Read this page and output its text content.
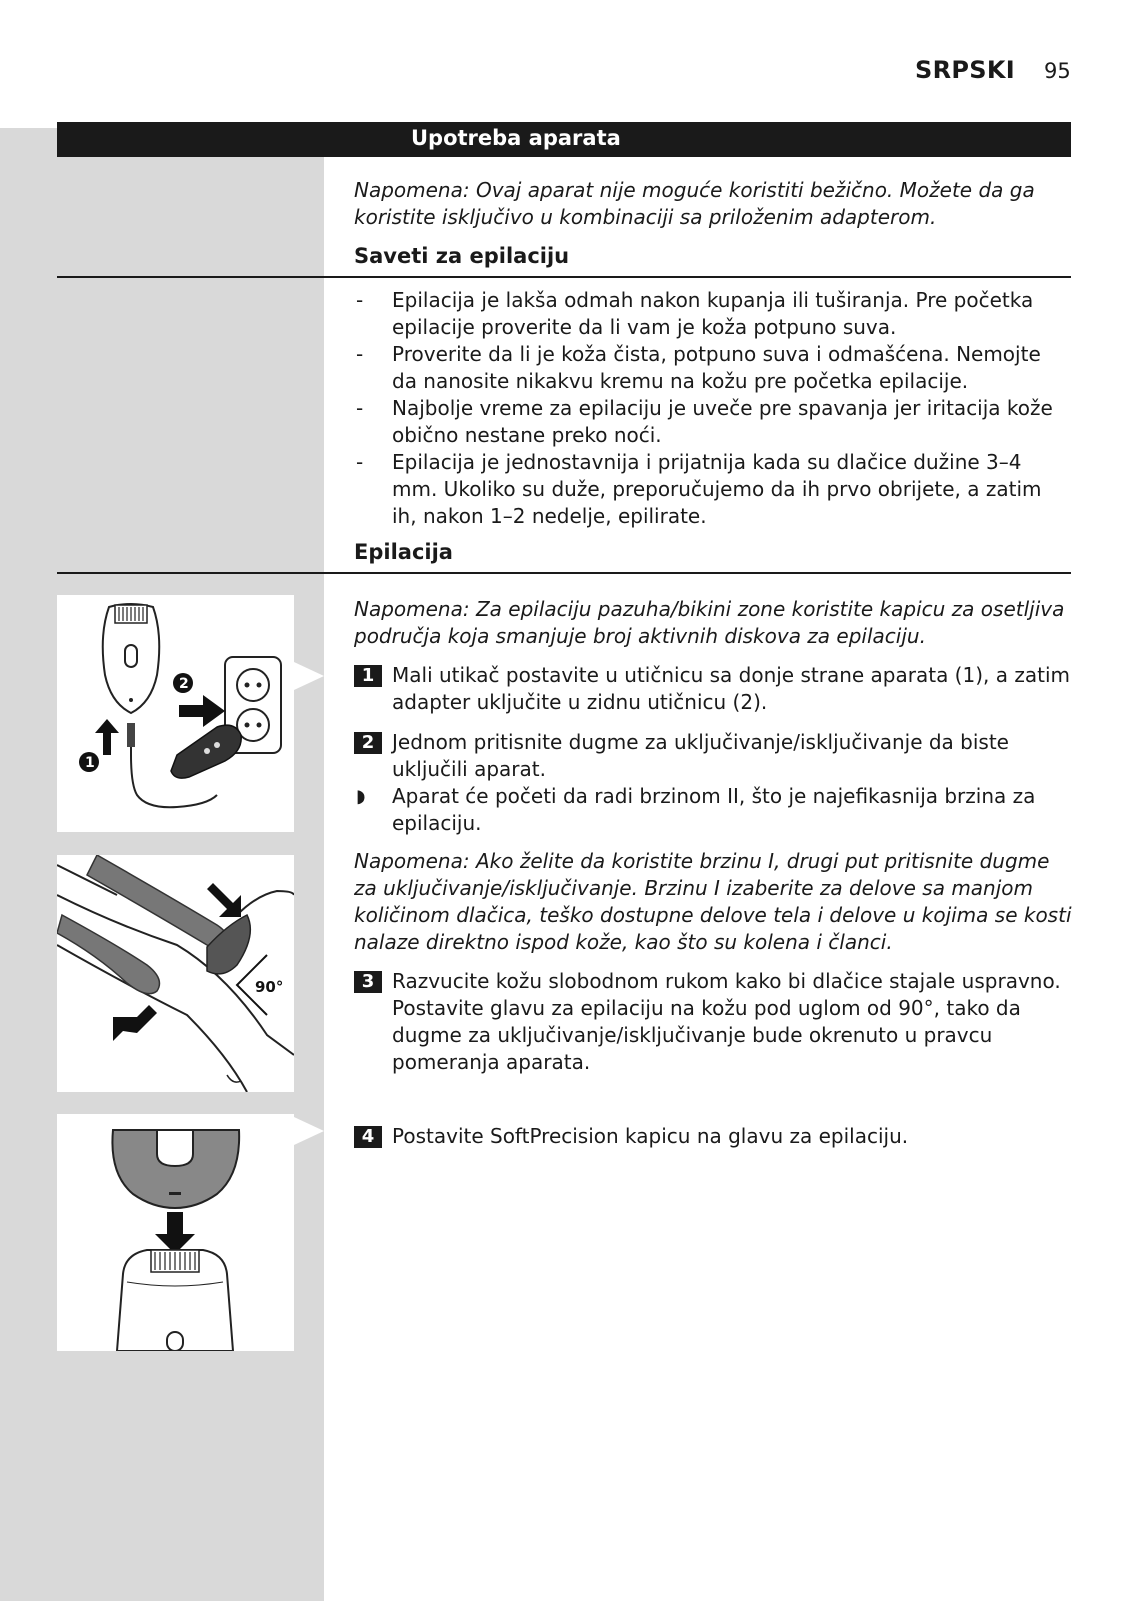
SRPSKI 95
Upotreba aparata
Napomena: Ovaj aparat nije moguće koristiti bežično. Možete da ga koristite isključivo u kombinaciji sa priloženim adapterom.
Saveti za epilaciju
- Epilacija je lakša odmah nakon kupanja ili tuširanja. Pre početka epilacije proverite da li vam je koža potpuno suva.
- Proverite da li je koža čista, potpuno suva i odmašćena. Nemojte da nanosite nikakvu kremu na kožu pre početka epilacije.
- Najbolje vreme za epilaciju je uveče pre spavanja jer iritacija kože obično nestane preko noći.
- Epilacija je jednostavnija i prijatnija kada su dlačice dužine 3–4 mm. Ukoliko su duže, preporučujemo da ih prvo obrijete, a zatim ih, nakon 1–2 nedelje, epilirate.
Epilacija
Napomena: Za epilaciju pazuha/bikini zone koristite kapicu za osetljiva područja koja smanjuje broj aktivnih diskova za epilaciju.
1 Mali utikač postavite u utičnicu sa donje strane aparata (1), a zatim adapter uključite u zidnu utičnicu (2).
2 Jednom pritisnite dugme za uključivanje/isključivanje da biste uključili aparat.
◗ Aparat će početi da radi brzinom II, što je najefikasnija brzina za epilaciju.
Napomena: Ako želite da koristite brzinu I, drugi put pritisnite dugme za uključivanje/isključivanje. Brzinu I izaberite za delove sa manjom količinom dlačica, teško dostupne delove tela i delove u kojima se kosti nalaze direktno ispod kože, kao što su kolena i članci.
3 Razvucite kožu slobodnom rukom kako bi dlačice stajale uspravno. Postavite glavu za epilaciju na kožu pod uglom od 90°, tako da dugme za uključivanje/isključivanje bude okrenuto u pravcu pomeranja aparata.
4 Postavite SoftPrecision kapicu na glavu za epilaciju.
1
2
90°
